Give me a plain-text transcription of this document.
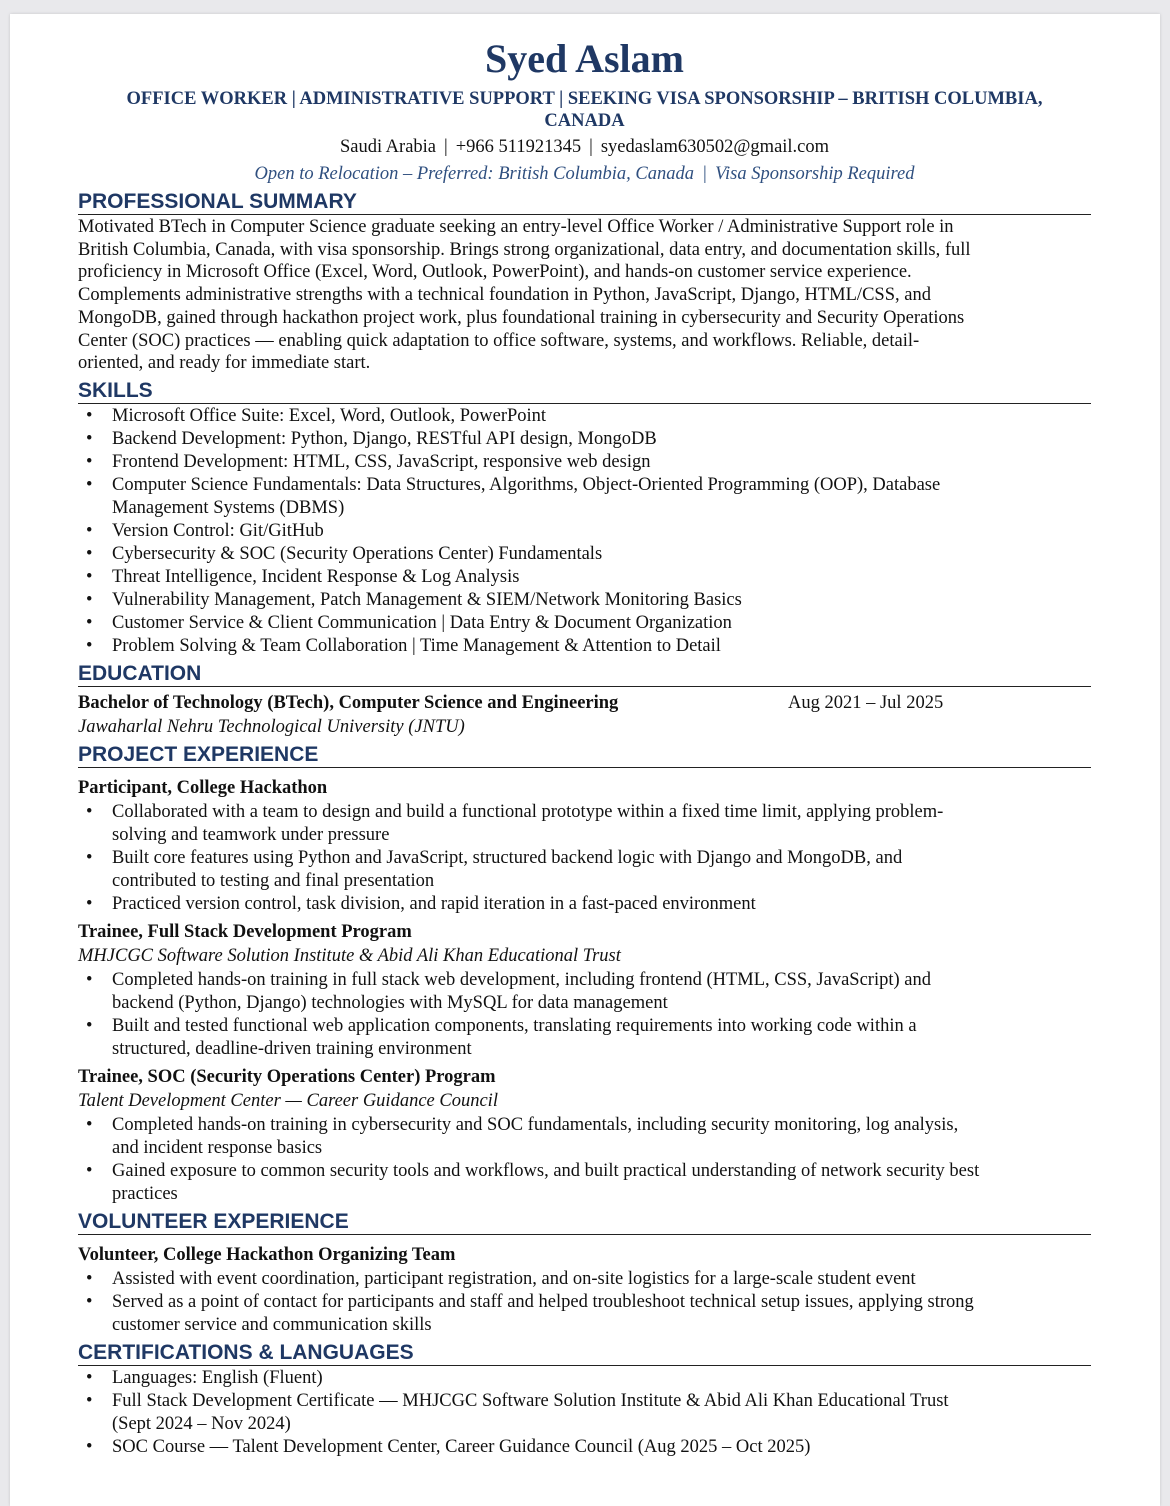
Syed Aslam
OFFICE WORKER | ADMINISTRATIVE SUPPORT | SEEKING VISA SPONSORSHIP – BRITISH COLUMBIA,
CANADA
Saudi Arabia | +966 511921345 | syedaslam630502@gmail.com
Open to Relocation – Preferred: British Columbia, Canada | Visa Sponsorship Required
PROFESSIONAL SUMMARY
Motivated BTech in Computer Science graduate seeking an entry-level Office Worker / Administrative Support role in
British Columbia, Canada, with visa sponsorship. Brings strong organizational, data entry, and documentation skills, full
proficiency in Microsoft Office (Excel, Word, Outlook, PowerPoint), and hands-on customer service experience.
Complements administrative strengths with a technical foundation in Python, JavaScript, Django, HTML/CSS, and
MongoDB, gained through hackathon project work, plus foundational training in cybersecurity and Security Operations
Center (SOC) practices — enabling quick adaptation to office software, systems, and workflows. Reliable, detail-
oriented, and ready for immediate start.
SKILLS
• Microsoft Office Suite: Excel, Word, Outlook, PowerPoint
• Backend Development: Python, Django, RESTful API design, MongoDB
• Frontend Development: HTML, CSS, JavaScript, responsive web design
• Computer Science Fundamentals: Data Structures, Algorithms, Object-Oriented Programming (OOP), Database
Management Systems (DBMS)
• Version Control: Git/GitHub
• Cybersecurity & SOC (Security Operations Center) Fundamentals
• Threat Intelligence, Incident Response & Log Analysis
• Vulnerability Management, Patch Management & SIEM/Network Monitoring Basics
• Customer Service & Client Communication | Data Entry & Document Organization
• Problem Solving & Team Collaboration | Time Management & Attention to Detail
EDUCATION
Bachelor of Technology (BTech), Computer Science and Engineering	Aug 2021 – Jul 2025
Jawaharlal Nehru Technological University (JNTU)
PROJECT EXPERIENCE
Participant, College Hackathon
• Collaborated with a team to design and build a functional prototype within a fixed time limit, applying problem-
solving and teamwork under pressure
• Built core features using Python and JavaScript, structured backend logic with Django and MongoDB, and
contributed to testing and final presentation
• Practiced version control, task division, and rapid iteration in a fast-paced environment
Trainee, Full Stack Development Program
MHJCGC Software Solution Institute & Abid Ali Khan Educational Trust
• Completed hands-on training in full stack web development, including frontend (HTML, CSS, JavaScript) and
backend (Python, Django) technologies with MySQL for data management
• Built and tested functional web application components, translating requirements into working code within a
structured, deadline-driven training environment
Trainee, SOC (Security Operations Center) Program
Talent Development Center — Career Guidance Council
• Completed hands-on training in cybersecurity and SOC fundamentals, including security monitoring, log analysis,
and incident response basics
• Gained exposure to common security tools and workflows, and built practical understanding of network security best
practices
VOLUNTEER EXPERIENCE
Volunteer, College Hackathon Organizing Team
• Assisted with event coordination, participant registration, and on-site logistics for a large-scale student event
• Served as a point of contact for participants and staff and helped troubleshoot technical setup issues, applying strong
customer service and communication skills
CERTIFICATIONS & LANGUAGES
• Languages: English (Fluent)
• Full Stack Development Certificate — MHJCGC Software Solution Institute & Abid Ali Khan Educational Trust
(Sept 2024 – Nov 2024)
• SOC Course — Talent Development Center, Career Guidance Council (Aug 2025 – Oct 2025)
